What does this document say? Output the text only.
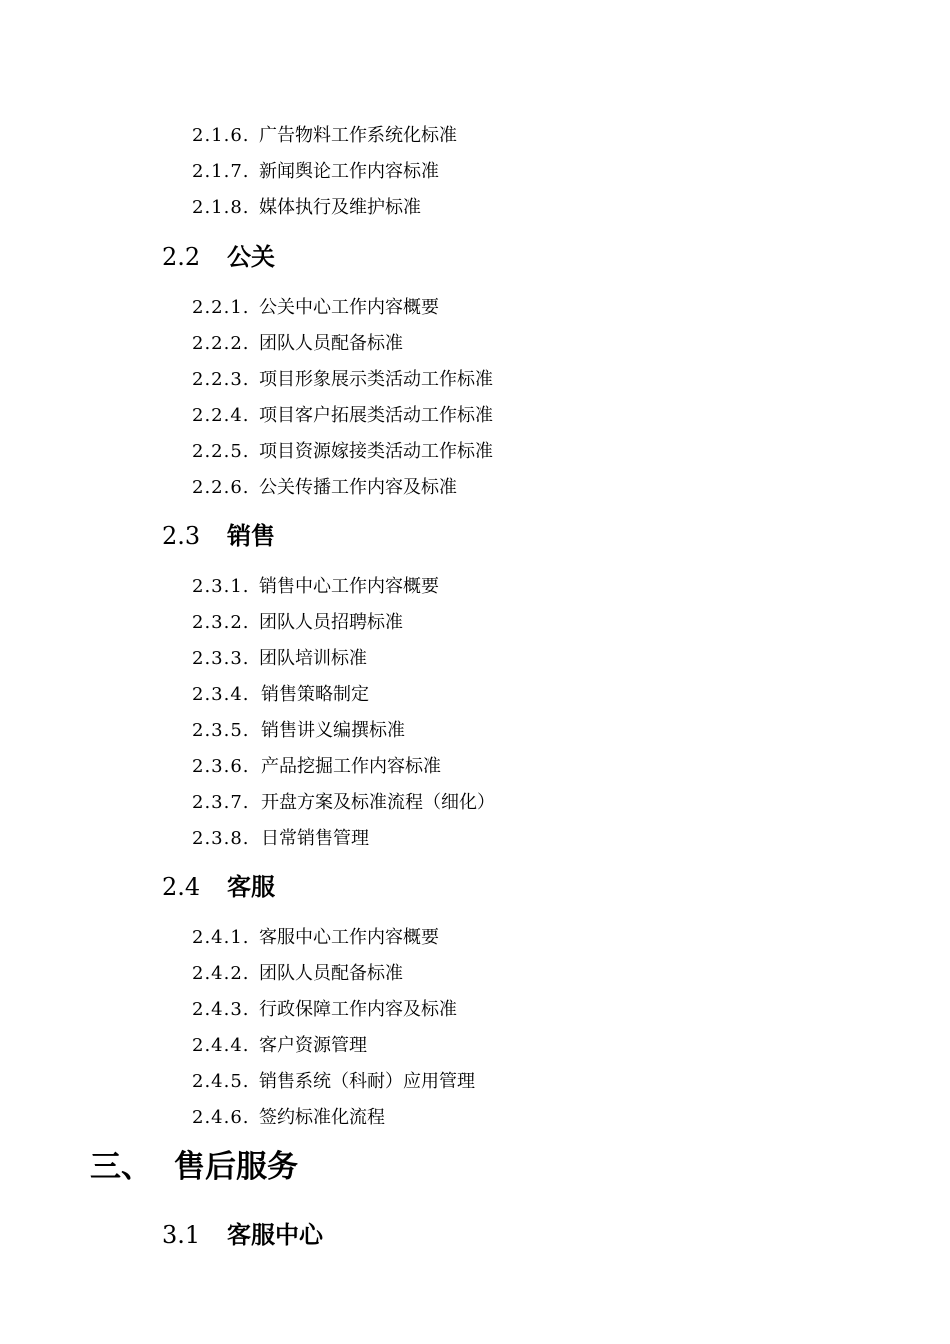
2.1.6. 广告物料工作系统化标准
2.1.7. 新闻舆论工作内容标准
2.1.8. 媒体执行及维护标准
2.2 公关
2.2.1. 公关中心工作内容概要
2.2.2. 团队人员配备标准
2.2.3. 项目形象展示类活动工作标准
2.2.4. 项目客户拓展类活动工作标准
2.2.5. 项目资源嫁接类活动工作标准
2.2.6. 公关传播工作内容及标准
2.3 销售
2.3.1. 销售中心工作内容概要
2.3.2. 团队人员招聘标准
2.3.3. 团队培训标准
2.3.4. 销售策略制定
2.3.5. 销售讲义编撰标准
2.3.6. 产品挖掘工作内容标准
2.3.7. 开盘方案及标准流程（细化）
2.3.8. 日常销售管理
2.4 客服
2.4.1. 客服中心工作内容概要
2.4.2. 团队人员配备标准
2.4.3. 行政保障工作内容及标准
2.4.4. 客户资源管理
2.4.5. 销售系统（科耐）应用管理
2.4.6. 签约标准化流程
三、 售后服务
3.1 客服中心
